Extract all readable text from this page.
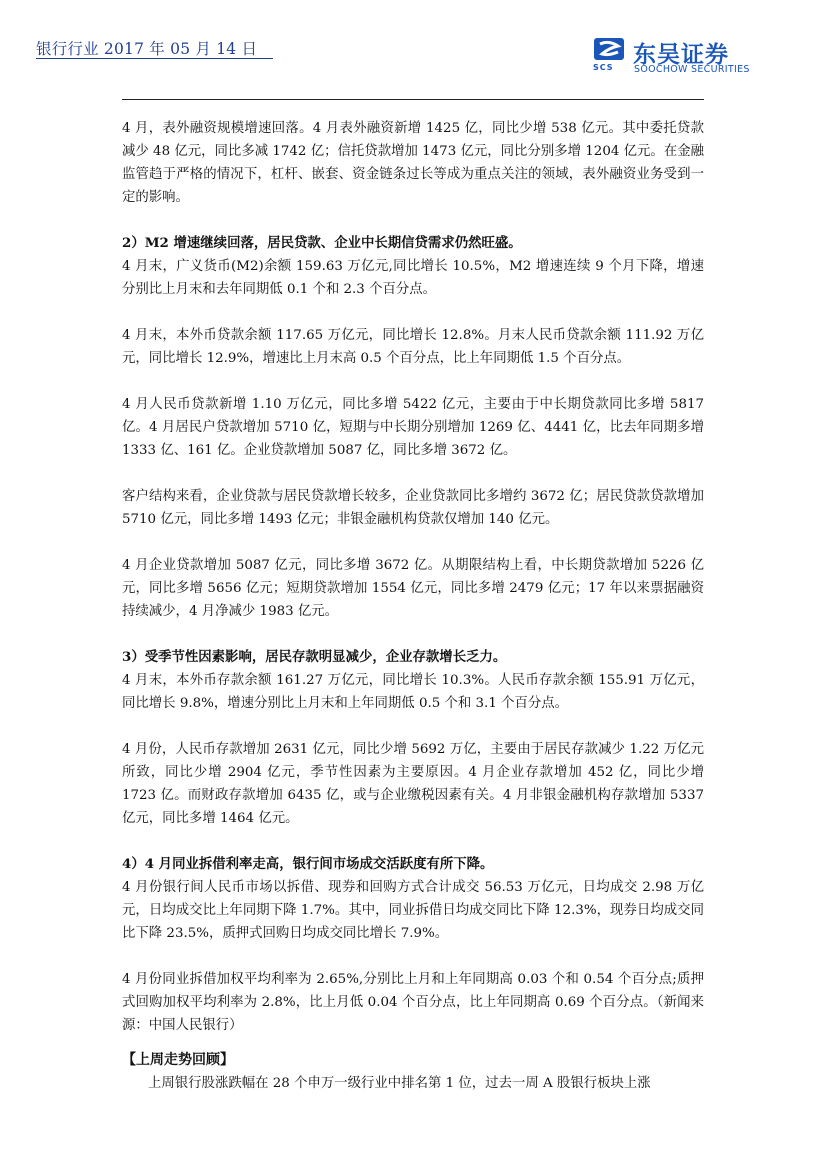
银行行业 2017 年 05 月 14 日
SCS 东吴证券
SOOCHOW SECURITIES

4 月，表外融资规模增速回落。4 月表外融资新增 1425 亿，同比少增 538 亿元。其中委托贷款减少 48 亿元，同比多减 1742 亿；信托贷款增加 1473 亿元，同比分别多增 1204 亿元。在金融监管趋于严格的情况下，杠杆、嵌套、资金链条过长等成为重点关注的领域，表外融资业务受到一定的影响。

2）M2 增速继续回落，居民贷款、企业中长期信贷需求仍然旺盛。

4 月末，广义货币(M2)余额 159.63 万亿元,同比增长 10.5%，M2 增速连续 9 个月下降，增速分别比上月末和去年同期低 0.1 个和 2.3 个百分点。

4 月末，本外币贷款余额 117.65 万亿元，同比增长 12.8%。月末人民币贷款余额 111.92 万亿元，同比增长 12.9%，增速比上月末高 0.5 个百分点，比上年同期低 1.5 个百分点。

4 月人民币贷款新增 1.10 万亿元，同比多增 5422 亿元，主要由于中长期贷款同比多增 5817 亿。4 月居民户贷款增加 5710 亿，短期与中长期分别增加 1269 亿、4441 亿，比去年同期多增 1333 亿、161 亿。企业贷款增加 5087 亿，同比多增 3672 亿。

客户结构来看，企业贷款与居民贷款增长较多，企业贷款同比多增约 3672 亿；居民贷款贷款增加 5710 亿元，同比多增 1493 亿元；非银金融机构贷款仅增加 140 亿元。

4 月企业贷款增加 5087 亿元，同比多增 3672 亿。从期限结构上看，中长期贷款增加 5226 亿元，同比多增 5656 亿元；短期贷款增加 1554 亿元，同比多增 2479 亿元；17 年以来票据融资持续减少，4 月净减少 1983 亿元。

3）受季节性因素影响，居民存款明显减少，企业存款增长乏力。

4 月末，本外币存款余额 161.27 万亿元，同比增长 10.3%。人民币存款余额 155.91 万亿元，同比增长 9.8%，增速分别比上月末和上年同期低 0.5 个和 3.1 个百分点。

4 月份，人民币存款增加 2631 亿元，同比少增 5692 万亿，主要由于居民存款减少 1.22 万亿元所致，同比少增 2904 亿元，季节性因素为主要原因。4 月企业存款增加 452 亿，同比少增 1723 亿。而财政存款增加 6435 亿，或与企业缴税因素有关。4 月非银金融机构存款增加 5337 亿元，同比多增 1464 亿元。

4）4 月同业拆借利率走高，银行间市场成交活跃度有所下降。

4 月份银行间人民币市场以拆借、现券和回购方式合计成交 56.53 万亿元，日均成交 2.98 万亿元，日均成交比上年同期下降 1.7%。其中，同业拆借日均成交同比下降 12.3%，现券日均成交同比下降 23.5%，质押式回购日均成交同比增长 7.9%。

4 月份同业拆借加权平均利率为 2.65%,分别比上月和上年同期高 0.03 个和 0.54 个百分点;质押式回购加权平均利率为 2.8%，比上月低 0.04 个百分点，比上年同期高 0.69 个百分点。（新闻来源：中国人民银行）

【上周走势回顾】

上周银行股涨跌幅在 28 个申万一级行业中排名第 1 位，过去一周 A 股银行板块上涨
